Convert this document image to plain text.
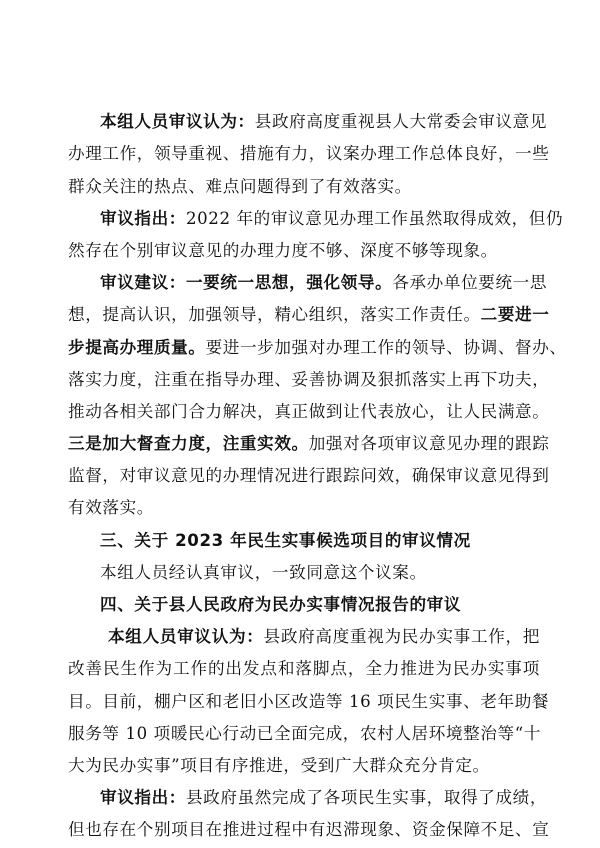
本组人员审议认为：县政府高度重视县人大常委会审议意见

办理工作，领导重视、措施有力，议案办理工作总体良好，一些

群众关注的热点、难点问题得到了有效落实。

审议指出：2022 年的审议意见办理工作虽然取得成效，但仍

然存在个别审议意见的办理力度不够、深度不够等现象。

审议建议：一要统一思想，强化领导。各承办单位要统一思

想，提高认识，加强领导，精心组织，落实工作责任。二要进一

步提高办理质量。要进一步加强对办理工作的领导、协调、督办、

落实力度，注重在指导办理、妥善协调及狠抓落实上再下功夫，

推动各相关部门合力解决，真正做到让代表放心，让人民满意。

三是加大督查力度，注重实效。加强对各项审议意见办理的跟踪

监督，对审议意见的办理情况进行跟踪问效，确保审议意见得到

有效落实。

三、关于 2023 年民生实事候选项目的审议情况

本组人员经认真审议，一致同意这个议案。

四、关于县人民政府为民办实事情况报告的审议

本组人员审议认为：县政府高度重视为民办实事工作，把

改善民生作为工作的出发点和落脚点，全力推进为民办实事项

目。目前，棚户区和老旧小区改造等 16 项民生实事、老年助餐

服务等 10 项暖民心行动已全面完成，农村人居环境整治等“十

大为民办实事”项目有序推进，受到广大群众充分肯定。

审议指出：县政府虽然完成了各项民生实事，取得了成绩，

但也存在个别项目在推进过程中有迟滞现象、资金保障不足、宣
